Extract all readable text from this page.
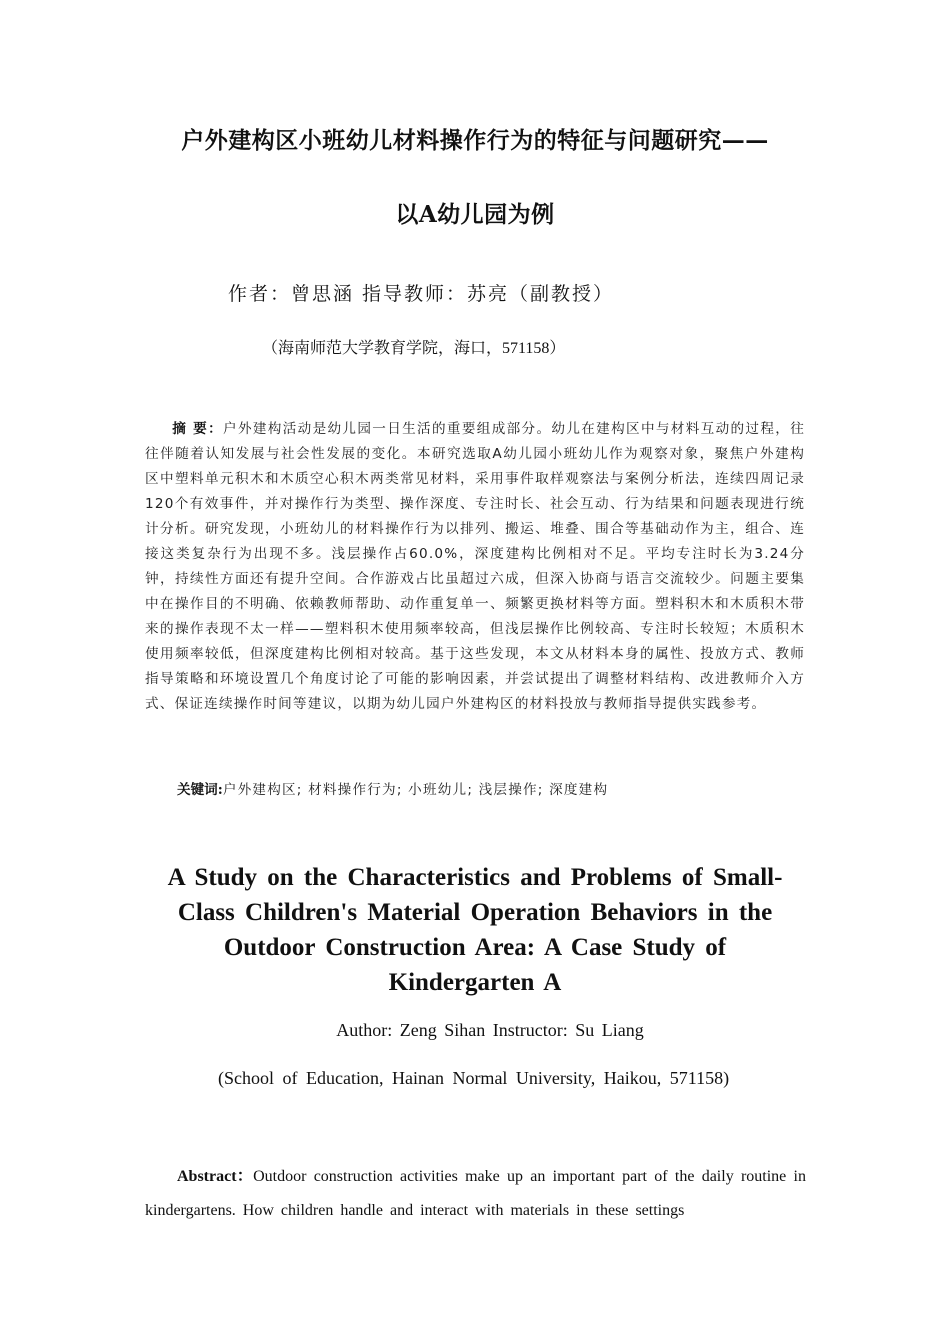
户外建构区小班幼儿材料操作行为的特征与问题研究——
以A幼儿园为例
作者：曾思涵 指导教师：苏亮（副教授）
（海南师范大学教育学院，海口，571158）
摘 要：户外建构活动是幼儿园一日生活的重要组成部分。幼儿在建构区中与材料互动的过程，往往伴随着认知发展与社会性发展的变化。本研究选取A幼儿园小班幼儿作为观察对象，聚焦户外建构区中塑料单元积木和木质空心积木两类常见材料，采用事件取样观察法与案例分析法，连续四周记录120个有效事件，并对操作行为类型、操作深度、专注时长、社会互动、行为结果和问题表现进行统计分析。研究发现，小班幼儿的材料操作行为以排列、搬运、堆叠、围合等基础动作为主，组合、连接这类复杂行为出现不多。浅层操作占60.0%，深度建构比例相对不足。平均专注时长为3.24分钟，持续性方面还有提升空间。合作游戏占比虽超过六成，但深入协商与语言交流较少。问题主要集中在操作目的不明确、依赖教师帮助、动作重复单一、频繁更换材料等方面。塑料积木和木质积木带来的操作表现不太一样——塑料积木使用频率较高，但浅层操作比例较高、专注时长较短；木质积木使用频率较低，但深度建构比例相对较高。基于这些发现，本文从材料本身的属性、投放方式、教师指导策略和环境设置几个角度讨论了可能的影响因素，并尝试提出了调整材料结构、改进教师介入方式、保证连续操作时间等建议，以期为幼儿园户外建构区的材料投放与教师指导提供实践参考。
关键词:户外建构区; 材料操作行为; 小班幼儿; 浅层操作; 深度建构
A Study on the Characteristics and Problems of Small-Class Children's Material Operation Behaviors in the Outdoor Construction Area: A Case Study of Kindergarten A
Author: Zeng Sihan Instructor: Su Liang
(School of Education, Hainan Normal University, Haikou, 571158)
Abstract：Outdoor construction activities make up an important part of the daily routine in kindergartens. How children handle and interact with materials in these settings
